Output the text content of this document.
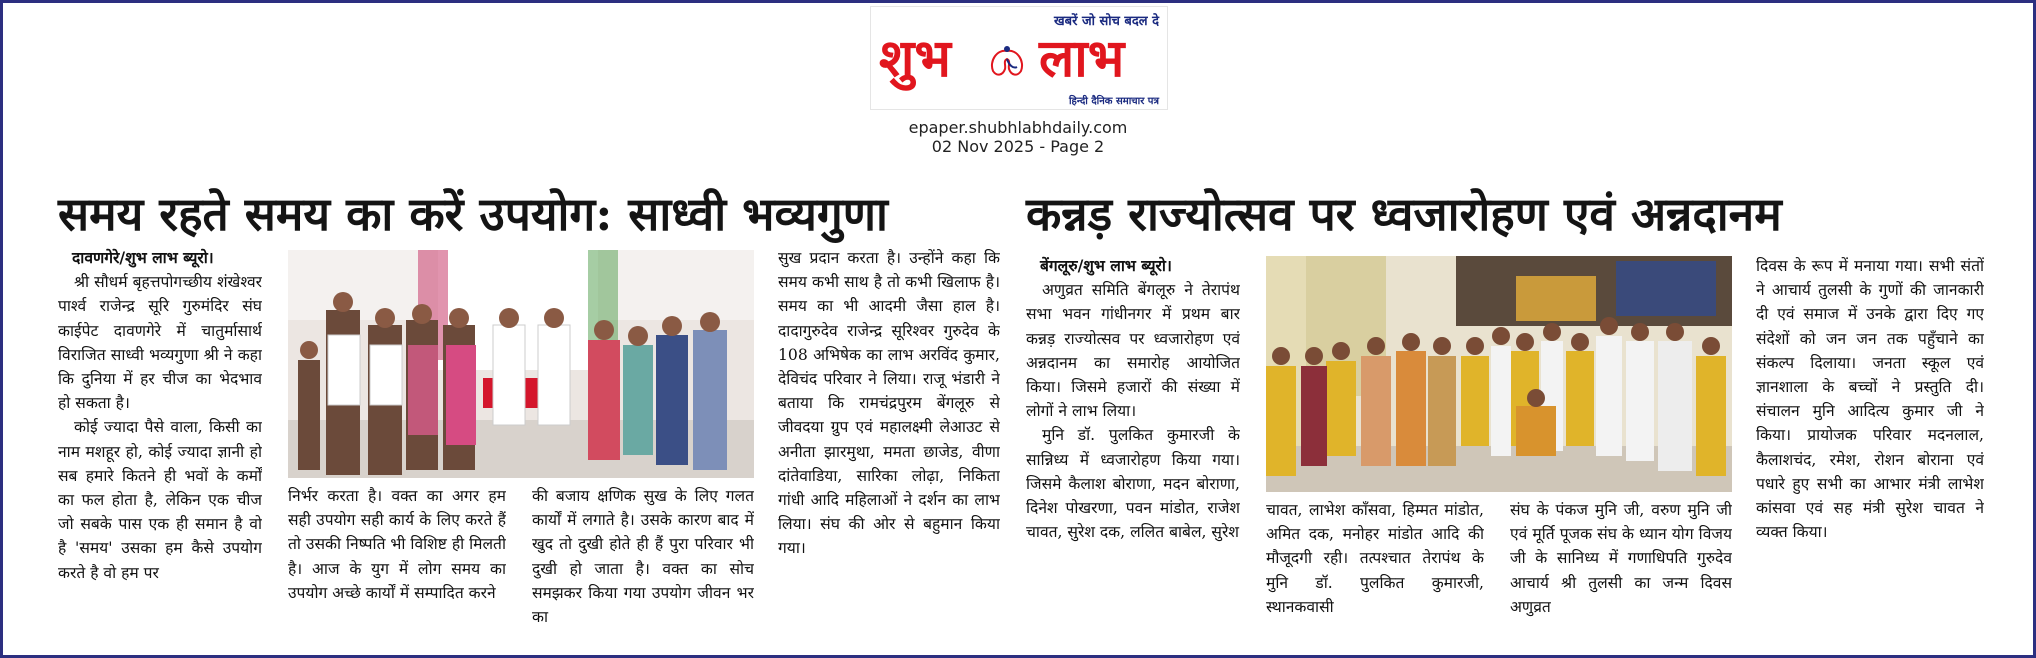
खबरें जो सोच बदल दे
शुभ लाभ
हिन्दी दैनिक समाचार पत्र
epaper.shubhlabhdaily.com
02 Nov 2025 - Page 2
समय रहते समय का करें उपयोग: साध्वी भव्यगुणा

दावणगेरे/शुभ लाभ ब्यूरो।

श्री सौधर्म बृहत्तपोगच्छीय शंखेश्वर पार्श्व राजेन्द्र सूरि गुरुमंदिर संघ काईपेट दावणगेरे में चातुर्मासार्थ विराजित साध्वी भव्यगुणा श्री ने कहा कि दुनिया में हर चीज का भेदभाव हो सकता है।

कोई ज्यादा पैसे वाला, किसी का नाम मशहूर हो, कोई ज्यादा ज्ञानी हो सब हमारे कितने ही भवों के कर्मों का फल होता है, लेकिन एक चीज जो सबके पास एक ही समान है वो है 'समय' उसका हम कैसे उपयोग करते है वो हम पर

निर्भर करता है। वक्त का अगर हम सही उपयोग सही कार्य के लिए करते हैं तो उसकी निष्पति भी विशिष्ट ही मिलती है। आज के युग में लोग समय का उपयोग अच्छे कार्यों में सम्पादित करने

की बजाय क्षणिक सुख के लिए गलत कार्यों में लगाते है। उसके कारण बाद में खुद तो दुखी होते ही हैं पुरा परिवार भी दुखी हो जाता है। वक्त का सोच समझकर किया गया उपयोग जीवन भर का

सुख प्रदान करता है। उन्होंने कहा कि समय कभी साथ है तो कभी खिलाफ है। समय का भी आदमी जैसा हाल है। दादागुरुदेव राजेन्द्र सूरिश्वर गुरुदेव के 108 अभिषेक का लाभ अरविंद कुमार, देविचंद परिवार ने लिया। राजू भंडारी ने बताया कि रामचंद्रपुरम बेंगलूरु से जीवदया ग्रुप एवं महालक्ष्मी लेआउट से अनीता झारमुथा, ममता छाजेड, वीणा दांतेवाडिया, सारिका लोढ़ा, निकिता गांधी आदि महिलाओं ने दर्शन का लाभ लिया। संघ की ओर से बहुमान किया गया।

कन्नड़ राज्योत्सव पर ध्वजारोहण एवं अन्नदानम

बेंगलूरु/शुभ लाभ ब्यूरो।

अणुव्रत समिति बेंगलूरु ने तेरापंथ सभा भवन गांधीनगर में प्रथम बार कन्नड़ राज्योत्सव पर ध्वजारोहण एवं अन्नदानम का समारोह आयोजित किया। जिसमे हजारों की संख्या में लोगों ने लाभ लिया।

मुनि डॉ. पुलकित कुमारजी के सान्निध्य में ध्वजारोहण किया गया। जिसमे कैलाश बोराणा, मदन बोराणा, दिनेश पोखरणा, पवन मांडोत, राजेश चावत, सुरेश दक, ललित बाबेल, सुरेश

चावत, लाभेश काँसवा, हिम्मत मांडोत, अमित दक, मनोहर मांडोत आदि की मौजूदगी रही। तत्पश्चात तेरापंथ के मुनि डॉ. पुलकित कुमारजी, स्थानकवासी

संघ के पंकज मुनि जी, वरुण मुनि जी एवं मूर्ति पूजक संघ के ध्यान योग विजय जी के सानिध्य में गणाधिपति गुरुदेव आचार्य श्री तुलसी का जन्म दिवस अणुव्रत

दिवस के रूप में मनाया गया। सभी संतों ने आचार्य तुलसी के गुणों की जानकारी दी एवं समाज में उनके द्वारा दिए गए संदेशों को जन जन तक पहुँचाने का संकल्प दिलाया। जनता स्कूल एवं ज्ञानशाला के बच्चों ने प्रस्तुति दी। संचालन मुनि आदित्य कुमार जी ने किया। प्रायोजक परिवार मदनलाल, कैलाशचंद, रमेश, रोशन बोराना एवं पधारे हुए सभी का आभार मंत्री लाभेश कांसवा एवं सह मंत्री सुरेश चावत ने व्यक्त किया।
